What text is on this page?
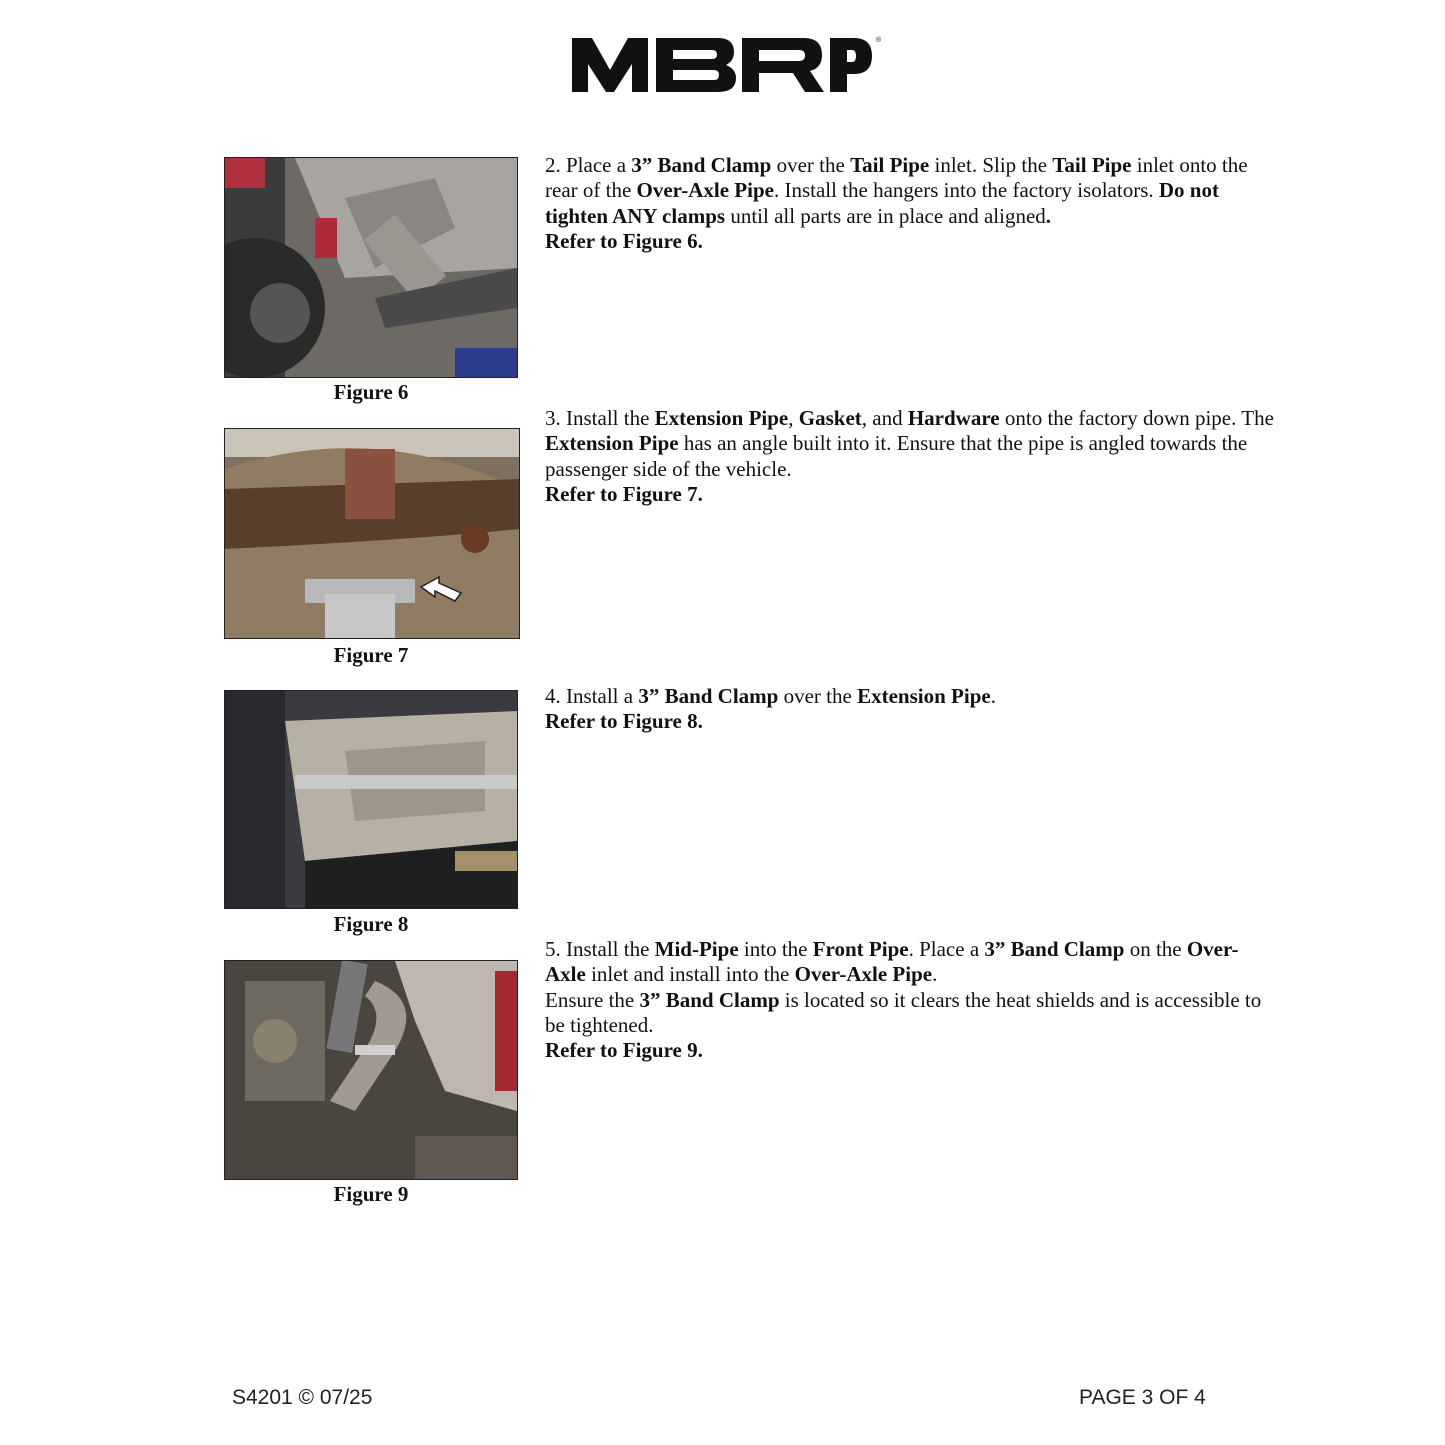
®
Figure 6
Figure 7
Figure 8
Figure 9
2. Place a 3” Band Clamp over the Tail Pipe inlet. Slip the Tail Pipe inlet onto the rear of the Over-Axle Pipe. Install the hangers into the factory isolators. Do not tighten ANY clamps until all parts are in place and aligned.
Refer to Figure 6.
3. Install the Extension Pipe, Gasket, and Hardware onto the factory down pipe. The Extension Pipe has an angle built into it. Ensure that the pipe is angled towards the passenger side of the vehicle.
Refer to Figure 7.
4. Install a 3” Band Clamp over the Extension Pipe.
Refer to Figure 8.
5. Install the Mid-Pipe into the Front Pipe. Place a 3” Band Clamp on the Over-Axle inlet and install into the Over-Axle Pipe.
Ensure the 3” Band Clamp is located so it clears the heat shields and is accessible to be tightened.
Refer to Figure 9.
S4201 © 07/25	PAGE 3 OF 4
